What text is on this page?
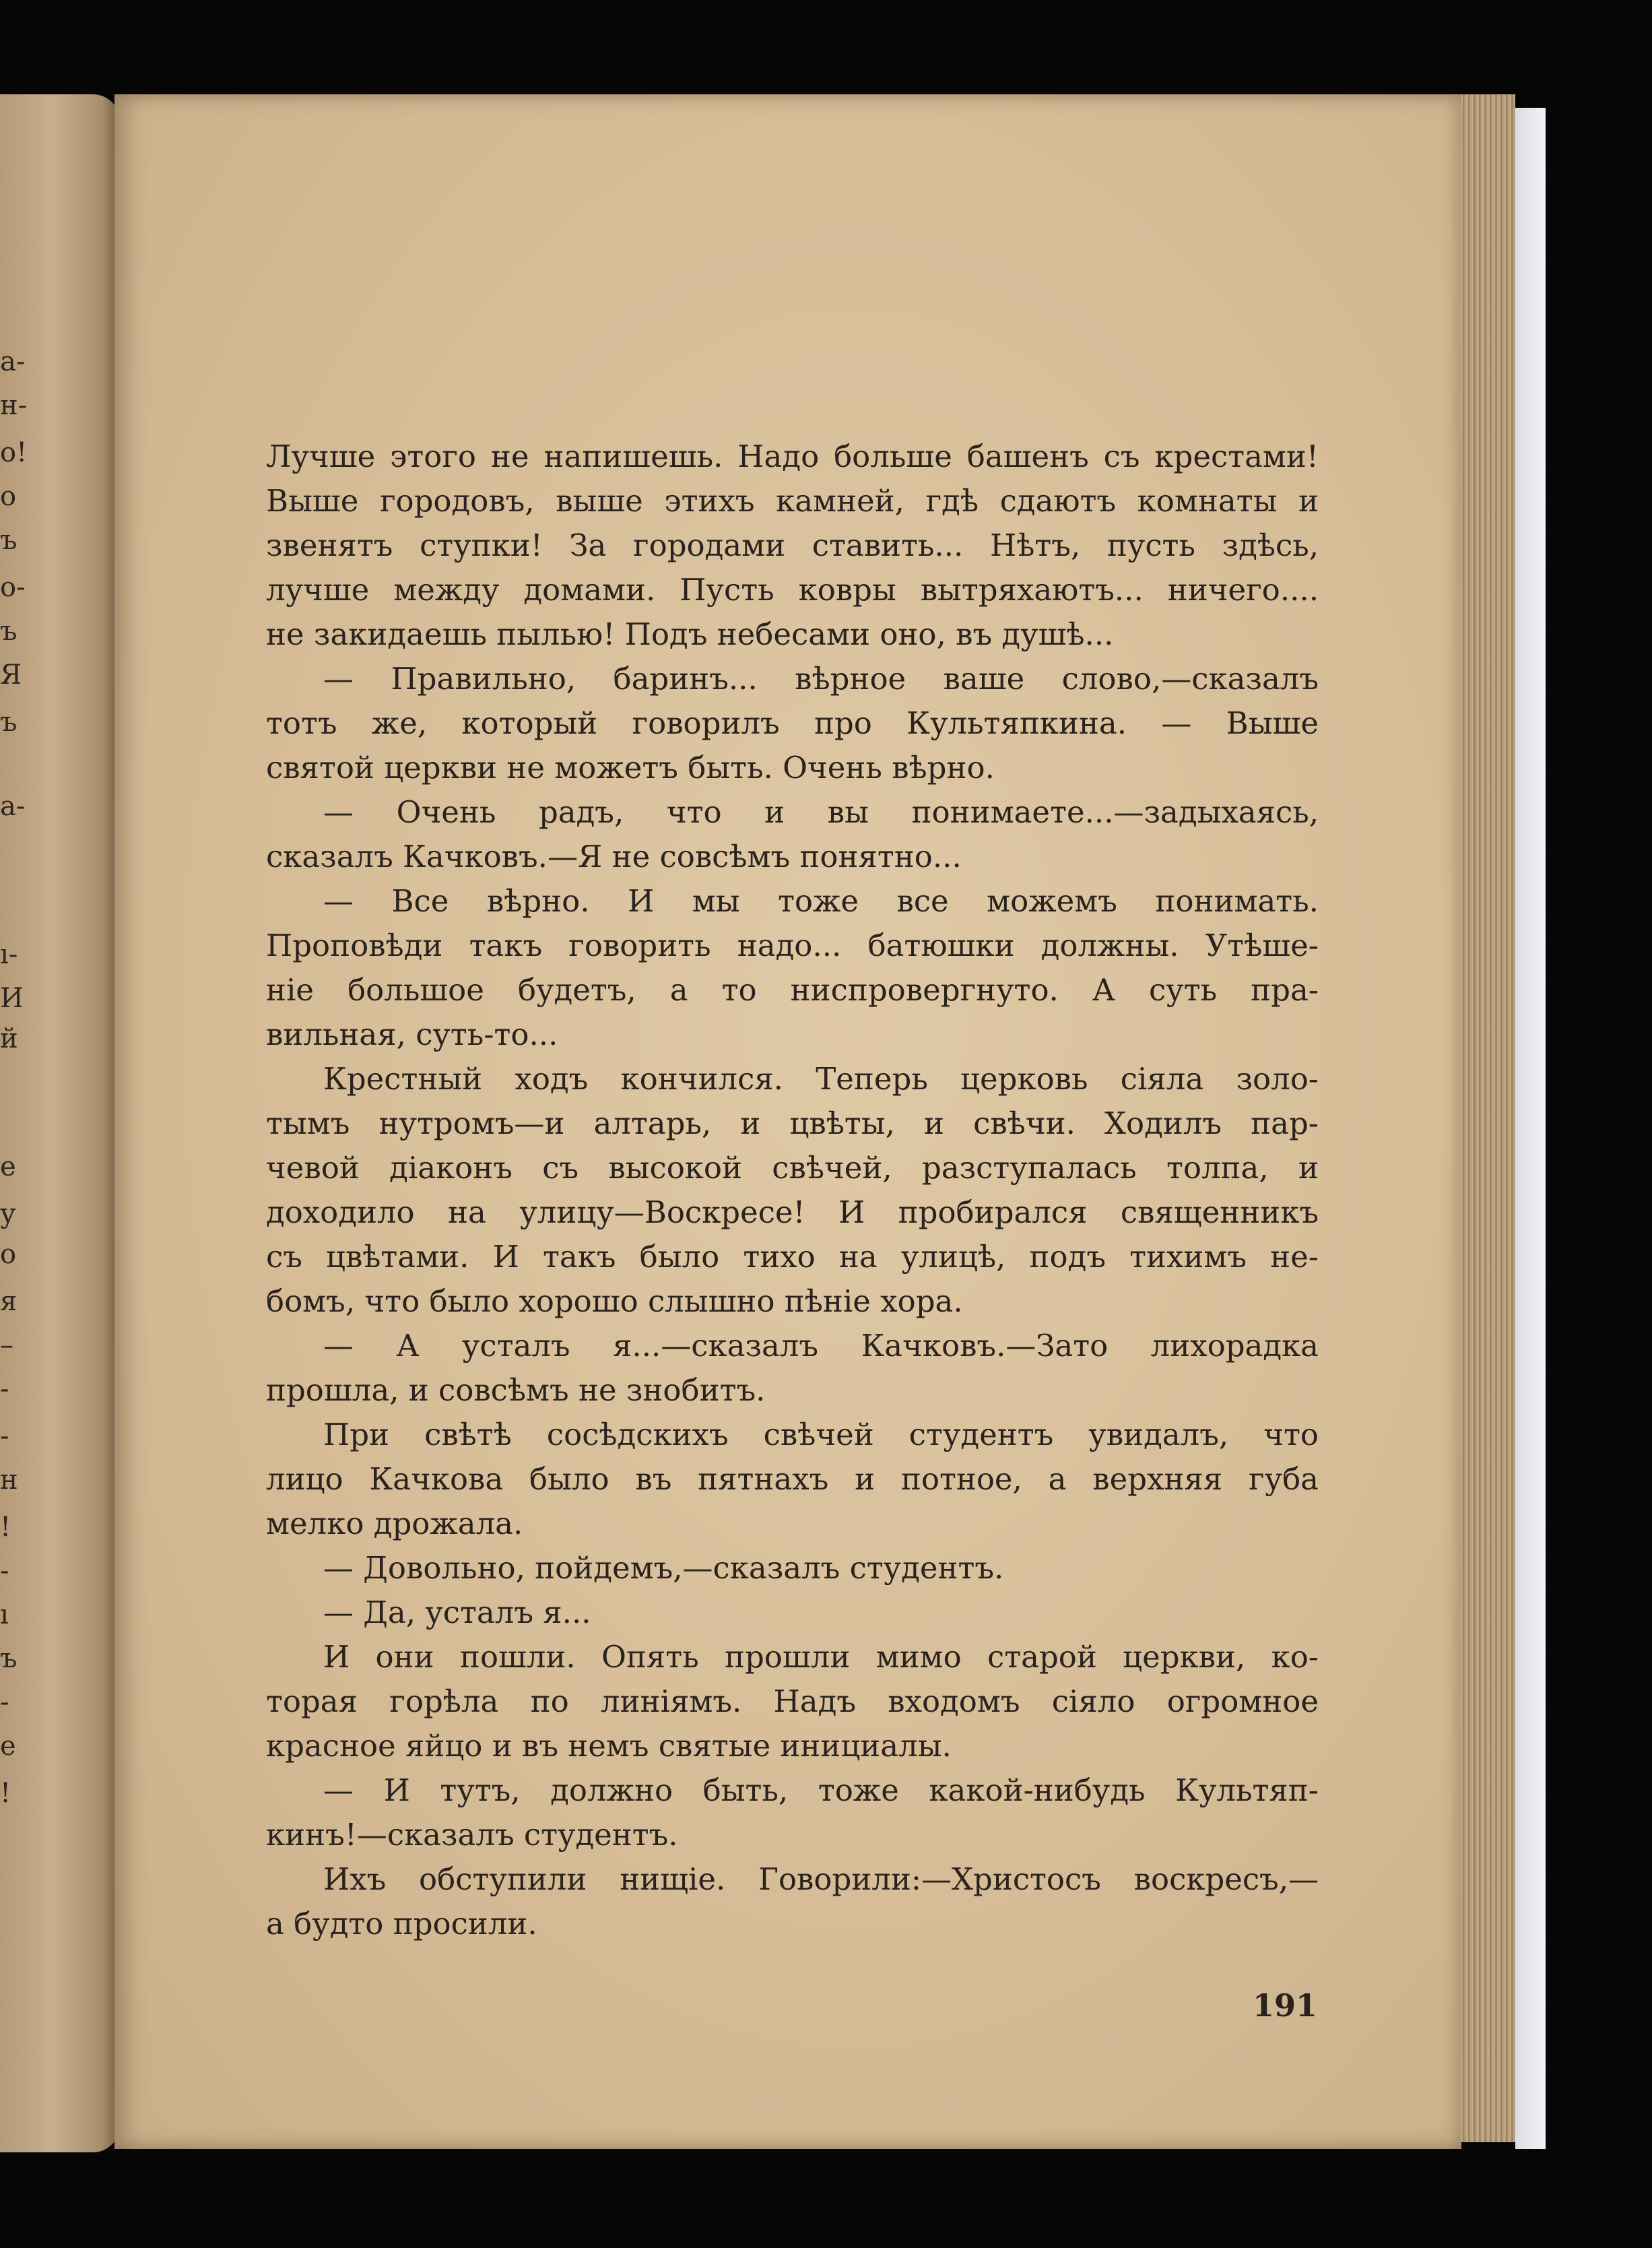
а-
н-
о!
о
ъ
о-
ъ
Я
ъ
а-
ı-
И
й
е
у
о
я
–
-
-
н
!
-
ı
ъ
-
е
!
Лучше этого не напишешь. Надо больше башенъ съ крестами!
Выше городовъ, выше этихъ камней, гдѣ сдаютъ комнаты и
звенятъ ступки! За городами ставить... Нѣтъ, пусть здѣсь,
лучше между домами. Пусть ковры вытряхаютъ... ничего....
не закидаешь пылью! Подъ небесами оно, въ душѣ...
— Правильно, баринъ... вѣрное ваше слово,—сказалъ
тотъ же, который говорилъ про Культяпкина. — Выше
святой церкви не можетъ быть. Очень вѣрно.
— Очень радъ, что и вы понимаете...—задыхаясь,
сказалъ Качковъ.—Я не совсѣмъ понятно...
— Все вѣрно. И мы тоже все можемъ понимать.
Проповѣди такъ говорить надо... батюшки должны. Утѣше-
ніе большое будетъ, а то ниспровергнуто. А суть пра-
вильная, суть-то...
Крестный ходъ кончился. Теперь церковь сіяла золо-
тымъ нутромъ—и алтарь, и цвѣты, и свѣчи. Ходилъ пар-
чевой діаконъ съ высокой свѣчей, разступалась толпа, и
доходило на улицу—Воскресе! И пробирался священникъ
съ цвѣтами. И такъ было тихо на улицѣ, подъ тихимъ не-
бомъ, что было хорошо слышно пѣніе хора.
— А усталъ я...—сказалъ Качковъ.—Зато лихорадка
прошла, и совсѣмъ не знобитъ.
При свѣтѣ сосѣдскихъ свѣчей студентъ увидалъ, что
лицо Качкова было въ пятнахъ и потное, а верхняя губа
мелко дрожала.
— Довольно, пойдемъ,—сказалъ студентъ.
— Да, усталъ я...
И они пошли. Опять прошли мимо старой церкви, ко-
торая горѣла по линіямъ. Надъ входомъ сіяло огромное
красное яйцо и въ немъ святые инициалы.
— И тутъ, должно быть, тоже какой-нибудь Культяп-
кинъ!—сказалъ студентъ.
Ихъ обступили нищіе. Говорили:—Христосъ воскресъ,—
а будто просили.
191
